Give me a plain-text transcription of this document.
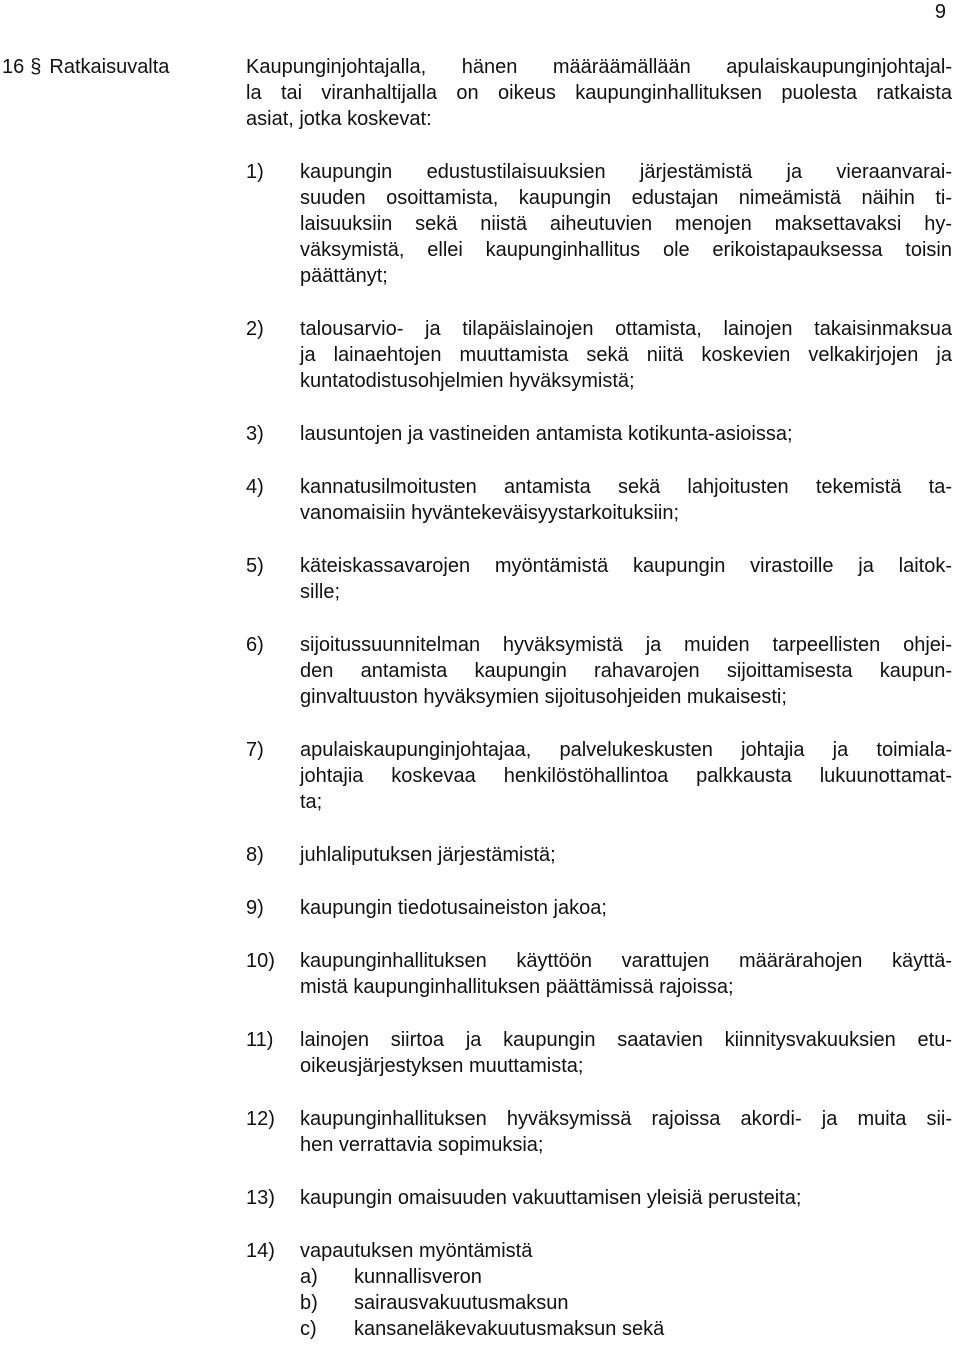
9
16 § Ratkaisuvalta	Kaupunginjohtajalla, hänen määräämällään apulaiskaupunginjohtajal-
la tai viranhaltijalla on oikeus kaupunginhallituksen puolesta ratkaista
asiat, jotka koskevat:
1)	kaupungin edustustilaisuuksien järjestämistä ja vieraanvarai-
suuden osoittamista, kaupungin edustajan nimeämistä näihin ti-
laisuuksiin sekä niistä aiheutuvien menojen maksettavaksi hy-
väksymistä, ellei kaupunginhallitus ole erikoistapauksessa toisin
päättänyt;
2)	talousarvio- ja tilapäislainojen ottamista, lainojen takaisinmaksua
ja lainaehtojen muuttamista sekä niitä koskevien velkakirjojen ja
kuntatodistusohjelmien hyväksymistä;
3)	lausuntojen ja vastineiden antamista kotikunta-asioissa;
4)	kannatusilmoitusten antamista sekä lahjoitusten tekemistä ta-
vanomaisiin hyväntekeväisyystarkoituksiin;
5)	käteiskassavarojen myöntämistä kaupungin virastoille ja laitok-
sille;
6)	sijoitussuunnitelman hyväksymistä ja muiden tarpeellisten ohjei-
den antamista kaupungin rahavarojen sijoittamisesta kaupun-
ginvaltuuston hyväksymien sijoitusohjeiden mukaisesti;
7)	apulaiskaupunginjohtajaa, palvelukeskusten johtajia ja toimiala-
johtajia koskevaa henkilöstöhallintoa palkkausta lukuunottamat-
ta;
8)	juhlaliputuksen järjestämistä;
9)	kaupungin tiedotusaineiston jakoa;
10)	kaupunginhallituksen käyttöön varattujen määrärahojen käyttä-
mistä kaupunginhallituksen päättämissä rajoissa;
11)	lainojen siirtoa ja kaupungin saatavien kiinnitysvakuuksien etu-
oikeusjärjestyksen muuttamista;
12)	kaupunginhallituksen hyväksymissä rajoissa akordi- ja muita sii-
hen verrattavia sopimuksia;
13)	kaupungin omaisuuden vakuuttamisen yleisiä perusteita;
14)	vapautuksen myöntämistä
a)	kunnallisveron
b)	sairausvakuutusmaksun
c)	kansaneläkevakuutusmaksun sekä
